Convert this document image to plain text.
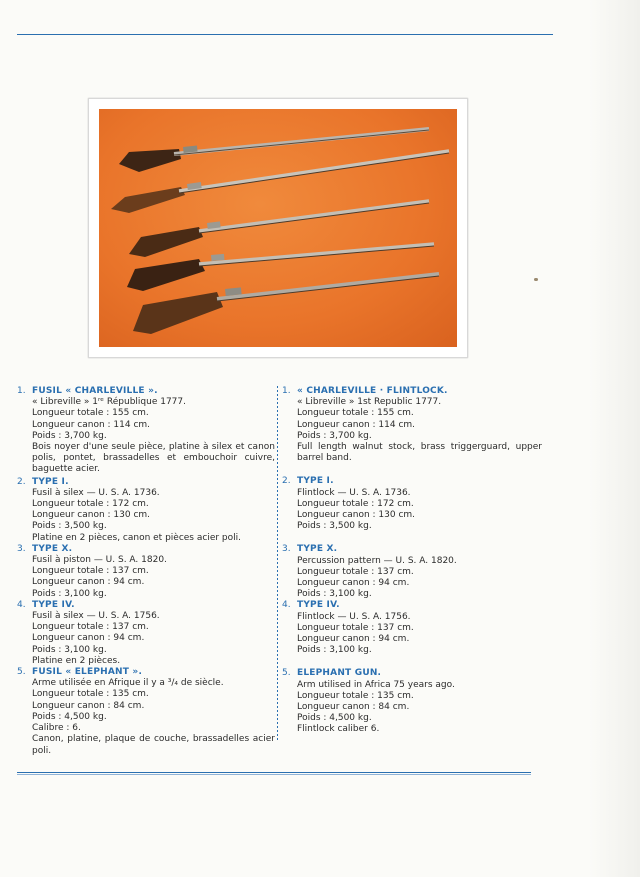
1. FUSIL « CHARLEVILLE ».
« Libreville » 1ʳᵉ République 1777.
Longueur totale : 155 cm.
Longueur canon : 114 cm.
Poids : 3,700 kg.
Bois noyer d'une seule pièce, platine à silex et canon polis, pontet, brassadelles et embouchoir cuivre, baguette acier.
2. TYPE I.
Fusil à silex — U. S. A. 1736.
Longueur totale : 172 cm.
Longueur canon : 130 cm.
Poids : 3,500 kg.
Platine en 2 pièces, canon et pièces acier poli.
3. TYPE X.
Fusil à piston — U. S. A. 1820.
Longueur totale : 137 cm.
Longueur canon : 94 cm.
Poids : 3,100 kg.
4. TYPE IV.
Fusil à silex — U. S. A. 1756.
Longueur totale : 137 cm.
Longueur canon : 94 cm.
Poids : 3,100 kg.
Platine en 2 pièces.
5. FUSIL « ELEPHANT ».
Arme utilisée en Afrique il y a ³/₄ de siècle.
Longueur totale : 135 cm.
Longueur canon : 84 cm.
Poids : 4,500 kg.
Calibre : 6.
Canon, platine, plaque de couche, brassadelles acier poli.
1. « CHARLEVILLE · FLINTLOCK.
« Libreville » 1st Republic 1777.
Longueur totale : 155 cm.
Longueur canon : 114 cm.
Poids : 3,700 kg.
Full length walnut stock, brass triggerguard, upper barrel band.
2. TYPE I.
Flintlock — U. S. A. 1736.
Longueur totale : 172 cm.
Longueur canon : 130 cm.
Poids : 3,500 kg.
3. TYPE X.
Percussion pattern — U. S. A. 1820.
Longueur totale : 137 cm.
Longueur canon : 94 cm.
Poids : 3,100 kg.
4. TYPE IV.
Flintlock — U. S. A. 1756.
Longueur totale : 137 cm.
Longueur canon : 94 cm.
Poids : 3,100 kg.
5. ELEPHANT GUN.
Arm utilised in Africa 75 years ago.
Longueur totale : 135 cm.
Longueur canon : 84 cm.
Poids : 4,500 kg.
Flintlock caliber 6.
